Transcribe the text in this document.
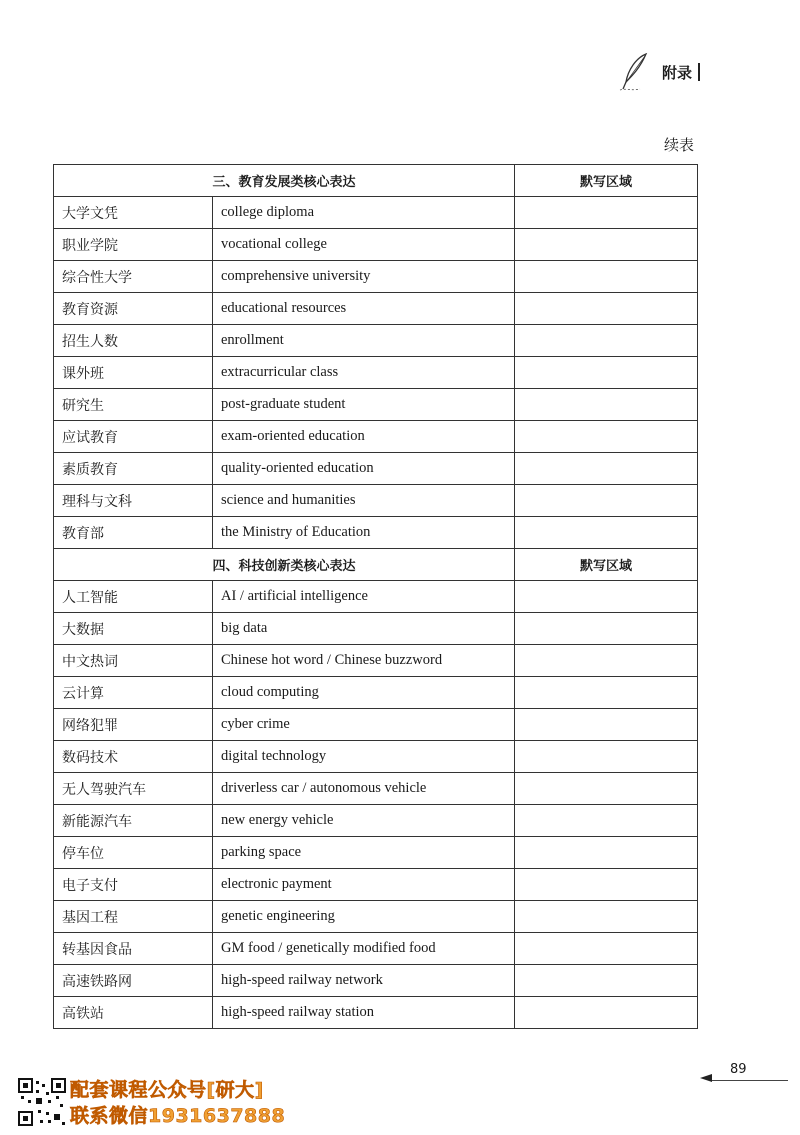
附录
续表
三、教育发展类核心表达		默写区域
大学文凭	college diploma	
职业学院	vocational college	
综合性大学	comprehensive university	
教育资源	educational resources	
招生人数	enrollment	
课外班	extracurricular class	
研究生	post-graduate student	
应试教育	exam-oriented education	
素质教育	quality-oriented education	
理科与文科	science and humanities	
教育部	the Ministry of Education	
四、科技创新类核心表达		默写区域
人工智能	AI / artificial intelligence	
大数据	big data	
中文热词	Chinese hot word / Chinese buzzword	
云计算	cloud computing	
网络犯罪	cyber crime	
数码技术	digital technology	
无人驾驶汽车	driverless car / autonomous vehicle	
新能源汽车	new energy vehicle	
停车位	parking space	
电子支付	electronic payment	
基因工程	genetic engineering	
转基因食品	GM food / genetically modified food	
高速铁路网	high-speed railway network	
高铁站	high-speed railway station	
89
配套课程公众号[研大]
联系微信1931637888
